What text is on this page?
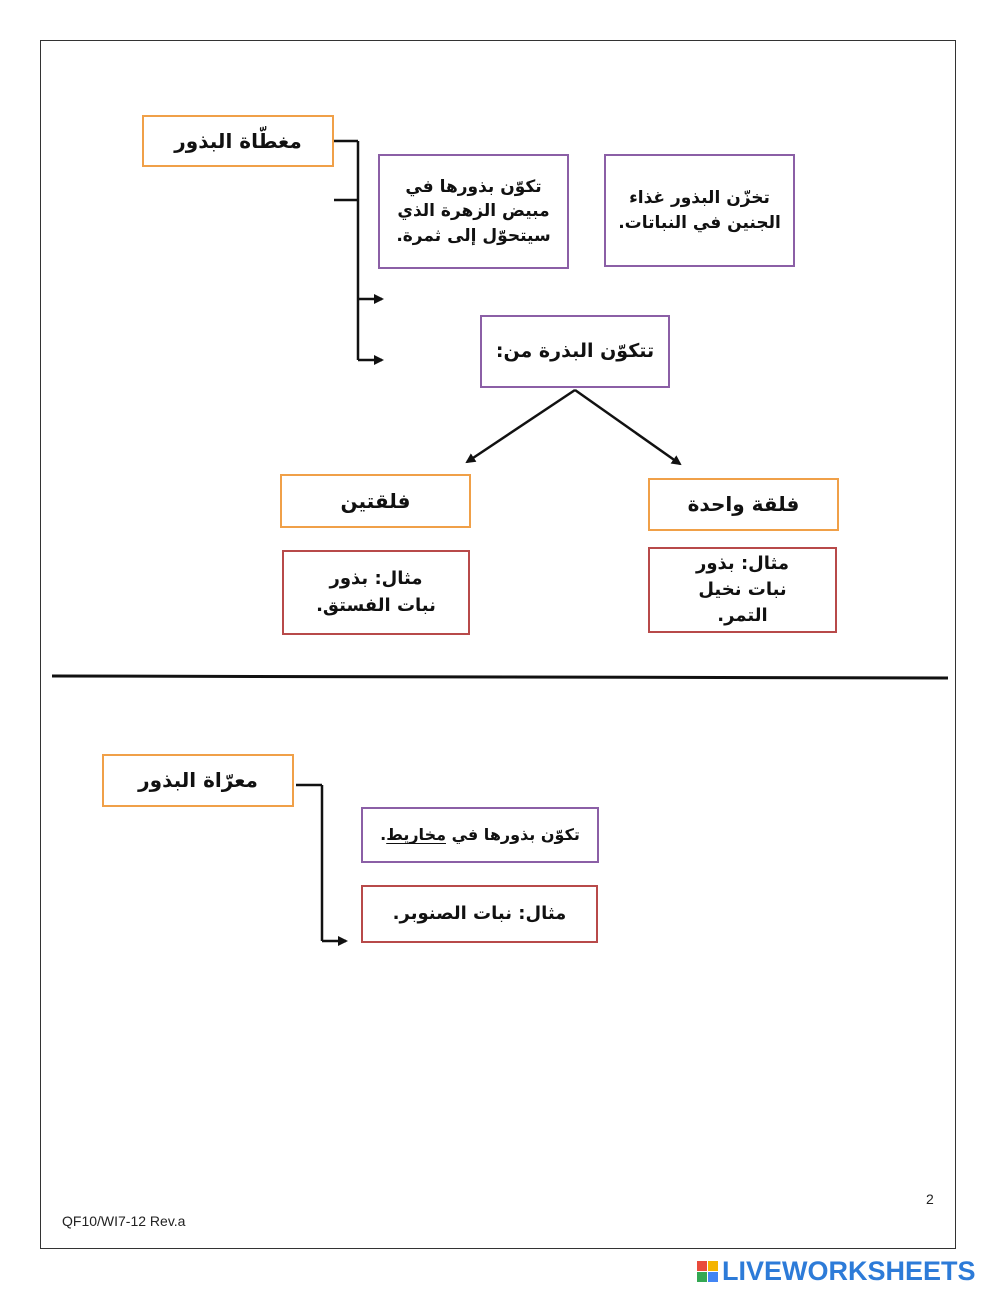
مغطّاة البذور
تكوّن بذورها في مبيض الزهرة الذي سيتحوّل إلى ثمرة.
تخزّن البذور غذاء الجنين في النباتات.
تتكوّن البذرة من:
فلقتين	فلقة واحدة
مثال: بذور نبات الفستق.
مثال: بذور نبات نخيل التمر.
معرّاة البذور
تكوّن بذورها في مخاريط.
مثال: نبات الصنوبر.
2
QF10/WI7-12 Rev.a
LIVEWORKSHEETS
